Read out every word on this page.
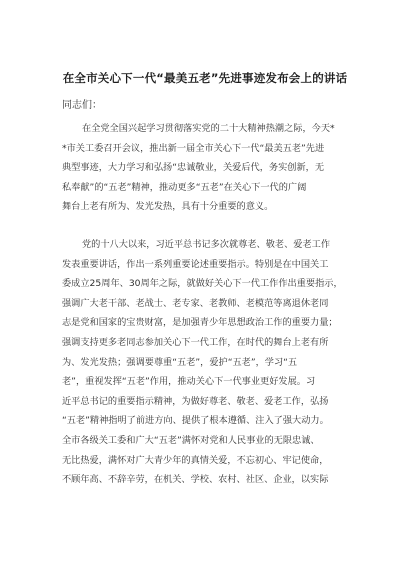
在全市关心下一代“最美五老”先进事迹发布会上的讲话
同志们：
在全党全国兴起学习贯彻落实党的二十大精神热潮之际，今天*
*市关工委召开会议，推出新一届全市关心下一代“最美五老”先进
典型事迹，大力学习和弘扬“忠诚敬业，关爱后代，务实创新，无
私奉献”的“五老”精神，推动更多“五老”在关心下一代的广阔
舞台上老有所为、发光发热，具有十分重要的意义。
党的十八大以来，习近平总书记多次就尊老、敬老、爱老工作
发表重要讲话，作出一系列重要论述重要指示。特别是在中国关工
委成立25周年、30周年之际，就做好关心下一代工作作出重要指示，
强调广大老干部、老战士、老专家、老教师、老模范等离退休老同
志是党和国家的宝贵财富，是加强青少年思想政治工作的重要力量；
强调支持更多老同志参加关心下一代工作，在时代的舞台上老有所
为、发光发热；强调要尊重“五老”，爱护“五老”，学习“五
老”，重视发挥“五老”作用，推动关心下一代事业更好发展。习
近平总书记的重要指示精神，为做好尊老、敬老、爱老工作，弘扬
“五老”精神指明了前进方向、提供了根本遵循、注入了强大动力。
全市各级关工委和广大“五老”满怀对党和人民事业的无限忠诚、
无比热爱，满怀对广大青少年的真情关爱，不忘初心、牢记使命，
不顾年高、不辞辛劳，在机关、学校、农村、社区、企业，以实际
